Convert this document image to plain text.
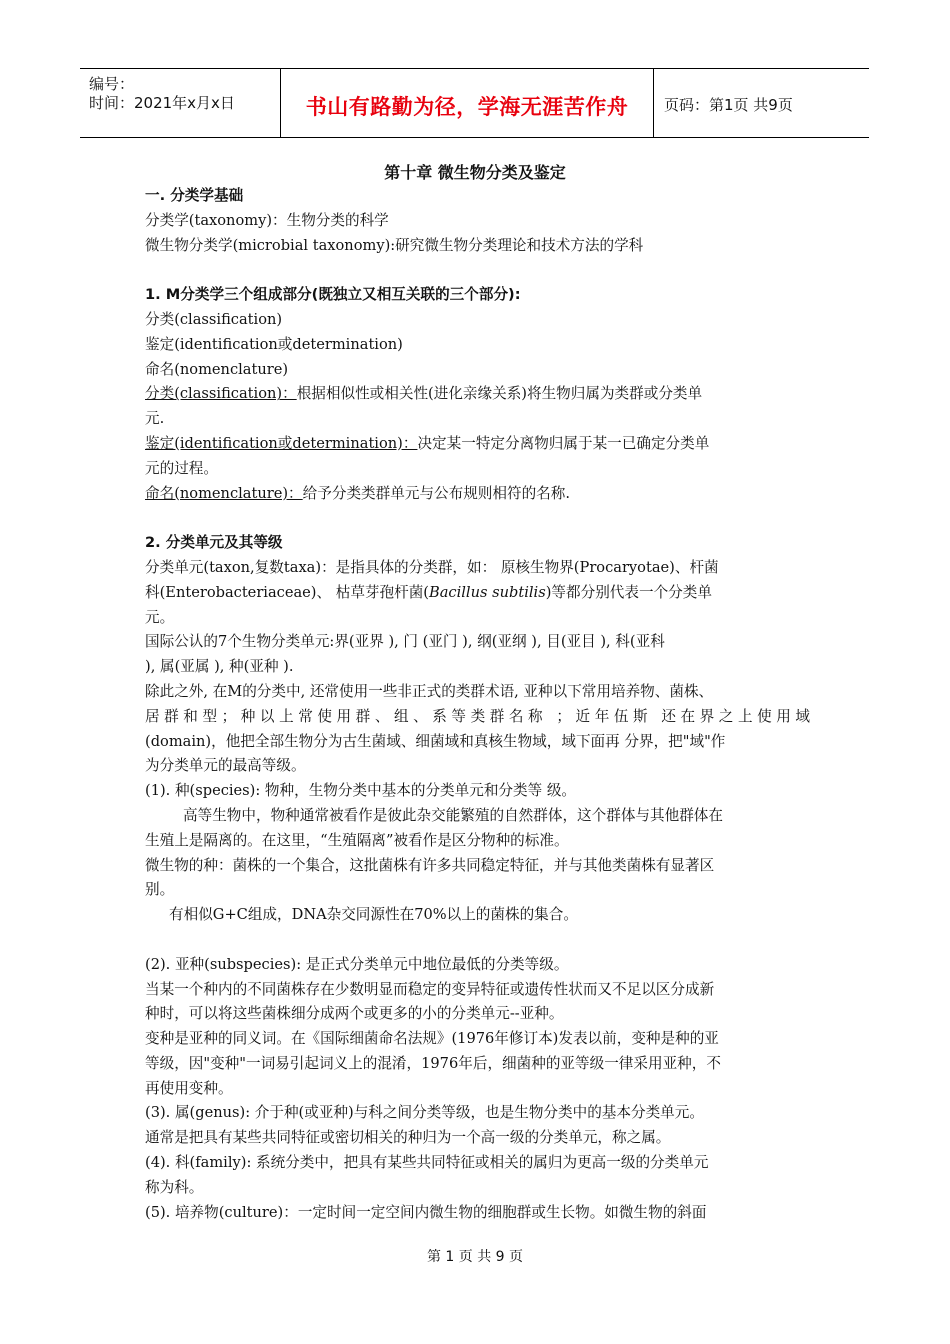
编号：
时间：2021年x月x日	书山有路勤为径，学海无涯苦作舟	页码：第1页 共9页
第十章 微生物分类及鉴定
一. 分类学基础
分类学(taxonomy)：生物分类的科学
微生物分类学(microbial taxonomy):研究微生物分类理论和技术方法的学科
1. M分类学三个组成部分(既独立又相互关联的三个部分):
分类(classification)
鉴定(identification或determination)
命名(nomenclature)
分类(classification)：根据相似性或相关性(进化亲缘关系)将生物归属为类群或分类单
元.
鉴定(identification或determination)：决定某一特定分离物归属于某一已确定分类单
元的过程。
命名(nomenclature)：给予分类类群单元与公布规则相符的名称.
2. 分类单元及其等级
分类单元(taxon,复数taxa)：是指具体的分类群，如： 原核生物界(Procaryotae)、杆菌
科(Enterobacteriaceae)、 枯草芽孢杆菌(Bacillus subtilis)等都分别代表一个分类单
元。
国际公认的7个生物分类单元:界(亚界 ), 门 (亚门 ), 纲(亚纲 ), 目(亚目 ), 科(亚科
), 属(亚属 ), 种(亚种 ).
除此之外, 在M的分类中, 还常使用一些非正式的类群术语, 亚种以下常用培养物、菌株、
居群和型；种以上常使用群、组、系等类群名称 ；近年伍斯 还在界之上使用域
(domain)，他把全部生物分为古生菌域、细菌域和真核生物域，域下面再 分界，把"域"作
为分类单元的最高等级。
(1). 种(species): 物种，生物分类中基本的分类单元和分类等 级。
高等生物中，物种通常被看作是彼此杂交能繁殖的自然群体，这个群体与其他群体在
生殖上是隔离的。在这里，“生殖隔离”被看作是区分物种的标准。
微生物的种：菌株的一个集合，这批菌株有许多共同稳定特征，并与其他类菌株有显著区
别。
有相似G+C组成，DNA杂交同源性在70%以上的菌株的集合。
(2). 亚种(subspecies): 是正式分类单元中地位最低的分类等级。
当某一个种内的不同菌株存在少数明显而稳定的变异特征或遗传性状而又不足以区分成新
种时，可以将这些菌株细分成两个或更多的小的分类单元--亚种。
变种是亚种的同义词。在《国际细菌命名法规》(1976年修订本)发表以前，变种是种的亚
等级，因"变种"一词易引起词义上的混淆，1976年后，细菌种的亚等级一律采用亚种，不
再使用变种。
(3). 属(genus): 介于种(或亚种)与科之间分类等级，也是生物分类中的基本分类单元。
通常是把具有某些共同特征或密切相关的种归为一个高一级的分类单元，称之属。
(4). 科(family): 系统分类中，把具有某些共同特征或相关的属归为更高一级的分类单元
称为科。
(5). 培养物(culture)：一定时间一定空间内微生物的细胞群或生长物。如微生物的斜面
第 1 页 共 9 页
